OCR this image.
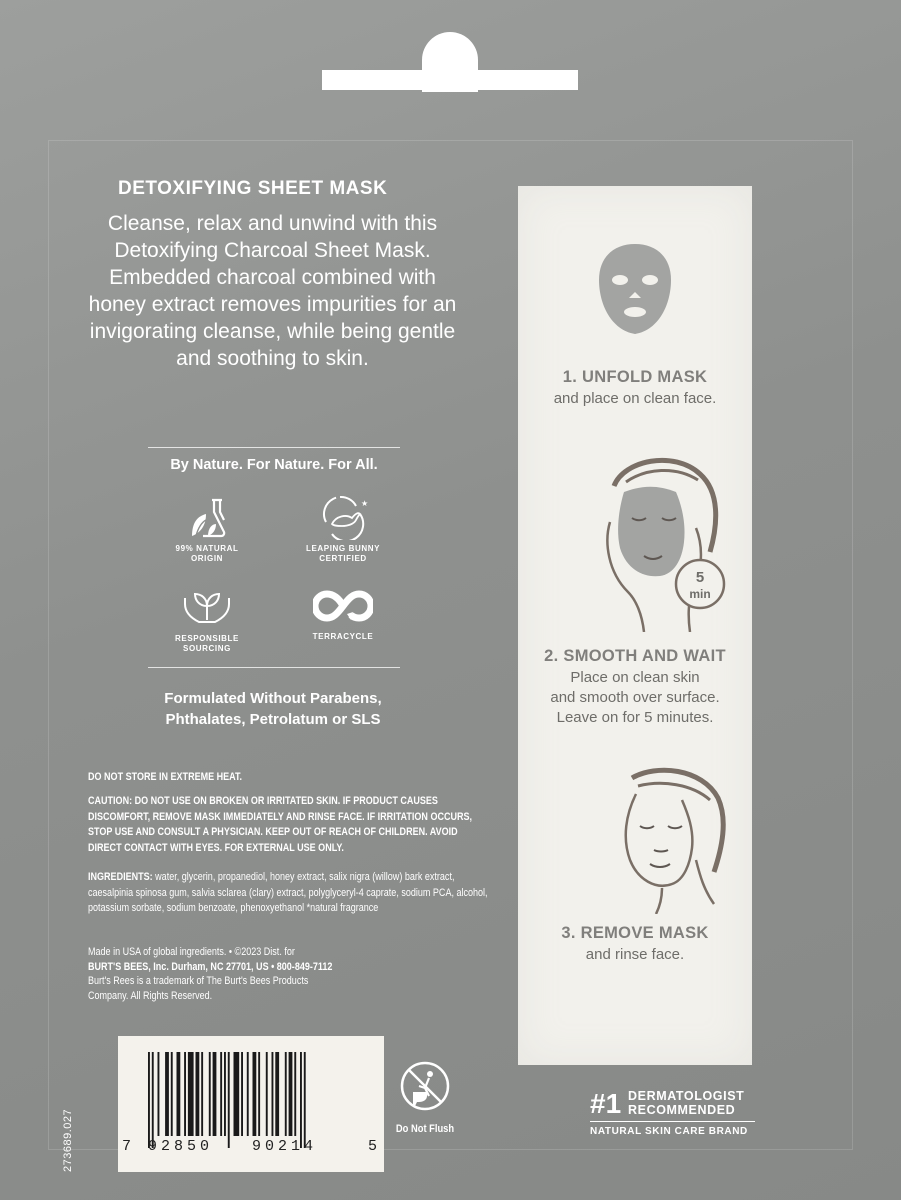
DETOXIFYING SHEET MASK
Cleanse, relax and unwind with this Detoxifying Charcoal Sheet Mask. Embedded charcoal combined with honey extract removes impurities for an invigorating cleanse, while being gentle and soothing to skin.
By Nature. For Nature. For All.
99% NATURAL
ORIGIN
★
LEAPING BUNNY
CERTIFIED
RESPONSIBLE
SOURCING
TERRACYCLE
Formulated Without Parabens,
Phthalates, Petrolatum or SLS
DO NOT STORE IN EXTREME HEAT.
CAUTION: DO NOT USE ON BROKEN OR IRRITATED SKIN. IF PRODUCT CAUSES DISCOMFORT, REMOVE MASK IMMEDIATELY AND RINSE FACE. IF IRRITATION OCCURS, STOP USE AND CONSULT A PHYSICIAN. KEEP OUT OF REACH OF CHILDREN. AVOID DIRECT CONTACT WITH EYES. FOR EXTERNAL USE ONLY.
INGREDIENTS: water, glycerin, propanediol, honey extract, salix nigra (willow) bark extract, caesalpinia spinosa gum, salvia sclarea (clary) extract, polyglyceryl-4 caprate, sodium PCA, alcohol, potassium sorbate, sodium benzoate, phenoxyethanol *natural fragrance
Made in USA of global ingredients. • ©2023 Dist. for
BURT'S BEES, Inc. Durham, NC 27701, US • 800-849-7112
Burt's Rees is a trademark of The Burt's Bees Products
Company. All Rights Reserved.
7 92850	90214	5
273689.027	Do Not Flush
1. UNFOLD MASK
and place on clean face.
5
min
2. SMOOTH AND WAIT
Place on clean skin
and smooth over surface.
Leave on for 5 minutes.
3. REMOVE MASK
and rinse face.
#1 DERMATOLOGIST
RECOMMENDED
NATURAL SKIN CARE BRAND
